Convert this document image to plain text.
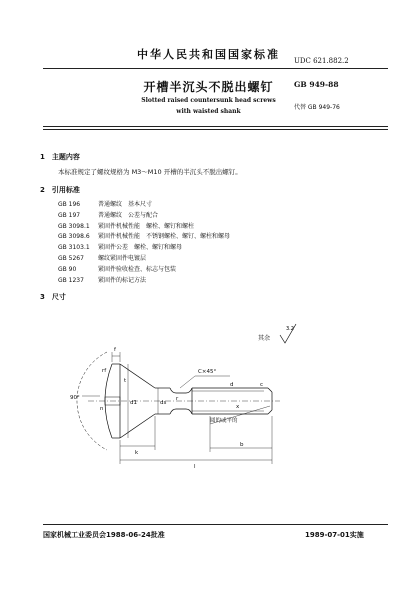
中华人民共和国国家标准	UDC 621.882.2
开槽半沉头不脱出螺钉	GB 949-88
Slotted raised countersunk head screws
with waisted shank
代替 GB 949-76
1　 主题内容
本标准规定了螺纹规格为 M3～M10 开槽的半沉头不脱出螺钉。
2　 引用标准
GB 196	普通螺纹　基本尺寸
GB 197	普通螺纹　公差与配合
GB 3098.1 紧固件机械性能　螺栓、螺钉和螺柱
GB 3098.6 紧固件机械性能　不锈钢螺栓、螺钉、螺柱和螺母
GB 3103.1 紧固件公差　螺栓、螺钉和螺母
GB 5267 螺纹紧固件电镀层
GB 90	紧固件验收检查、标志与包装
GB 1237 紧固件的标记方法
3　 尺寸
其余
3.2
90°
C×45°
圆的或平的
rf
f
k
n
t
d1	ds
d
b
l
r
c
x
国家机械工业委员会1988-06-24批准	1989-07-01实施
